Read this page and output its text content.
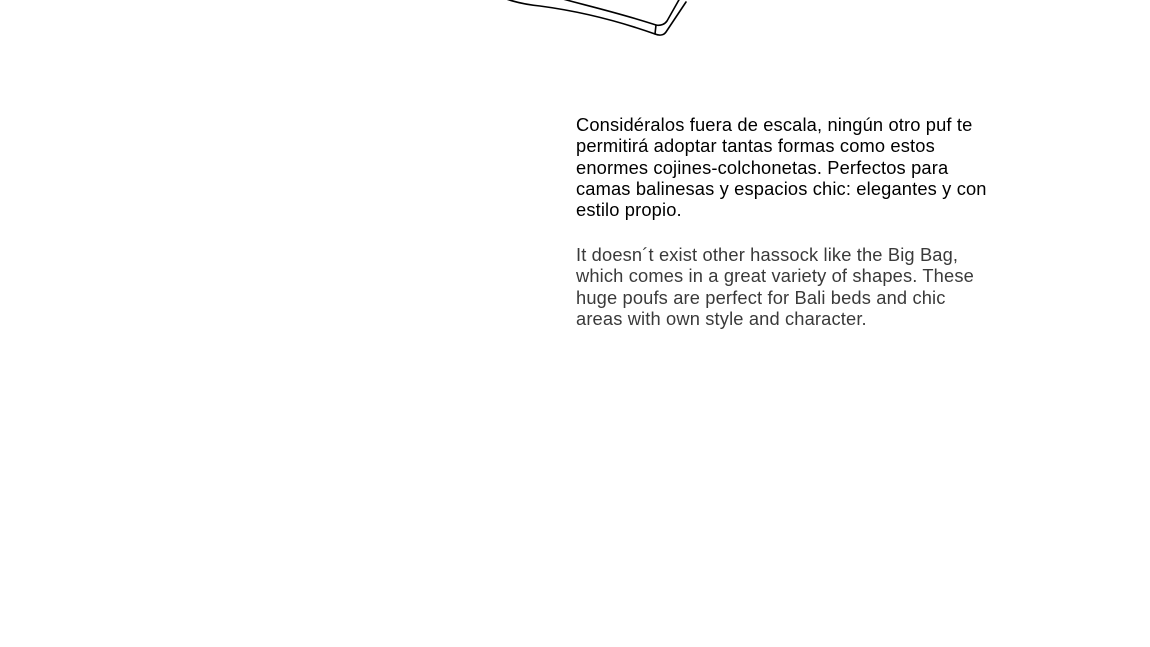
Considéralos fuera de escala, ningún otro puf te permitirá adoptar tantas formas como estos enormes cojines-colchonetas. Perfectos para camas balinesas y espacios chic: elegantes y con estilo propio.

It doesn´t exist other hassock like the Big Bag, which comes in a great variety of shapes. These huge poufs are perfect for Bali beds and chic areas with own style and character.
